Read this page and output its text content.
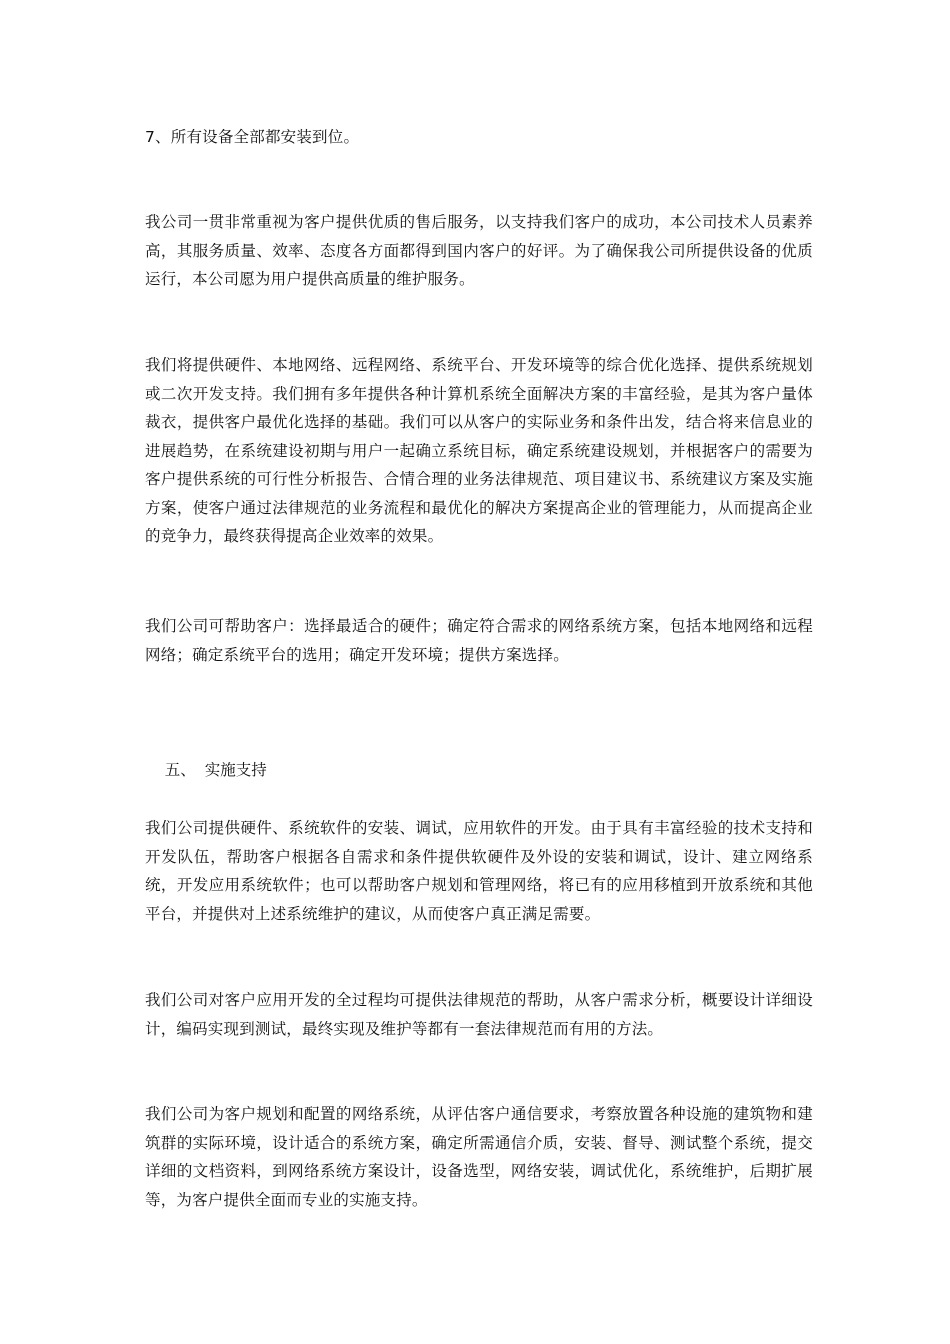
7、所有设备全部都安装到位。

我公司一贯非常重视为客户提供优质的售后服务，以支持我们客户的成功，本公司技术人员素养高，其服务质量、效率、态度各方面都得到国内客户的好评。为了确保我公司所提供设备的优质运行，本公司愿为用户提供高质量的维护服务。

我们将提供硬件、本地网络、远程网络、系统平台、开发环境等的综合优化选择、提供系统规划或二次开发支持。我们拥有多年提供各种计算机系统全面解决方案的丰富经验，是其为客户量体裁衣，提供客户最优化选择的基础。我们可以从客户的实际业务和条件出发，结合将来信息业的进展趋势，在系统建设初期与用户一起确立系统目标，确定系统建设规划，并根据客户的需要为客户提供系统的可行性分析报告、合情合理的业务法律规范、项目建议书、系统建议方案及实施方案，使客户通过法律规范的业务流程和最优化的解决方案提高企业的管理能力，从而提高企业的竞争力，最终获得提高企业效率的效果。

我们公司可帮助客户：选择最适合的硬件；确定符合需求的网络系统方案，包括本地网络和远程网络；确定系统平台的选用；确定开发环境；提供方案选择。

五、 实施支持

我们公司提供硬件、系统软件的安装、调试，应用软件的开发。由于具有丰富经验的技术支持和开发队伍，帮助客户根据各自需求和条件提供软硬件及外设的安装和调试，设计、建立网络系统，开发应用系统软件；也可以帮助客户规划和管理网络，将已有的应用移植到开放系统和其他平台，并提供对上述系统维护的建议，从而使客户真正满足需要。

我们公司对客户应用开发的全过程均可提供法律规范的帮助，从客户需求分析，概要设计详细设计，编码实现到测试，最终实现及维护等都有一套法律规范而有用的方法。

我们公司为客户规划和配置的网络系统，从评估客户通信要求，考察放置各种设施的建筑物和建筑群的实际环境，设计适合的系统方案，确定所需通信介质，安装、督导、测试整个系统，提交详细的文档资料，到网络系统方案设计，设备选型，网络安装，调试优化，系统维护，后期扩展等，为客户提供全面而专业的实施支持。
